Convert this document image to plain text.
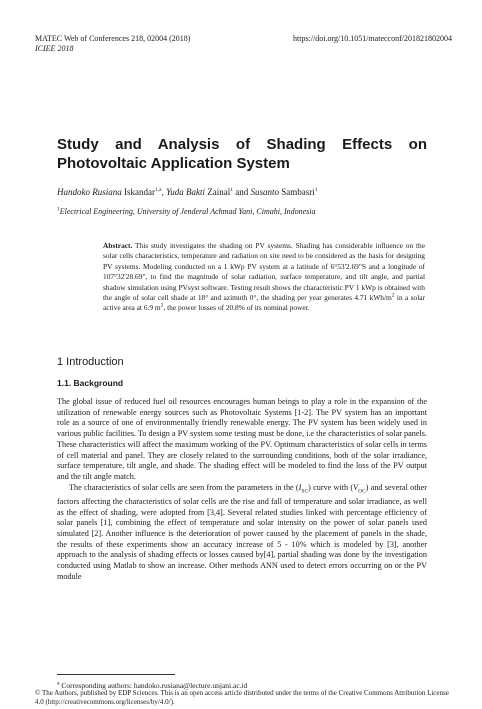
MATEC Web of Conferences 218, 02004 (2018)
ICIEE 2018
https://doi.org/10.1051/matecconf/201821802004
Study and Analysis of Shading Effects on
Photovoltaic Application System
Handoko Rusiana Iskandar$^{1,a}$, Yuda Bakti Zainal$^1$ and Susanto Sambasri$^1$
$^1$Electrical Engineering, University of Jenderal Achmad Yani, Cimahi, Indonesia
Abstract. This study investigates the shading on PV systems. Shading has considerable influence on the solar cells characteristics, temperature and radiation on site need to be considered as the basis for designing PV systems. Modeling conducted on a 1 kWp PV system at a latitude of 6°53'2.69"S and a longitude of 107°32'28.69", to find the magnitude of solar radiation, surface temperature, and tilt angle, and partial shadow simulation using PVsyst software. Testing result shows the characteristic PV 1 kWp is obtained with the angle of solar cell shade at 18° and azimuth 0°, the shading per year generates 4.71 kWh/$m^2$ in a solar active area at 6.9 $m^2$, the power losses of 20.8% of its nominal power.
1 Introduction
1.1. Background

The global issue of reduced fuel oil resources encourages human beings to play a role in the expansion of the utilization of renewable energy sources such as Photovoltaic Systems [1-2]. The PV system has an important role as a source of one of environmentally friendly renewable energy. The PV system has been widely used in various public facilities. To design a PV system some testing must be done, i.e the characteristics of solar panels. These characteristics will affect the maximum working of the PV. Optimum characteristics of solar cells in terms of cell material and panel. They are closely related to the surrounding conditions, both of the solar irradiance, surface temperature, tilt angle, and shade. The shading effect will be modeled to find the loss of the PV output and the tilt angle match.

The characteristics of solar cells are seen from the parameters in the $(I_{SC})$ curve with $(V_{OC})$ and several other factors affecting the characteristics of solar cells are the rise and fall of temperature and solar irradiance, as well as the effect of shading, were adopted from [3,4]. Several related studies linked with percentage efficiency of solar panels [1], combining the effect of temperature and solar intensity on the power of solar panels used simulated [2]. Another influence is the deterioration of power caused by the placement of panels in the shade, the results of these experiments show an accuracy increase of 5 - 10% which is modeled by [3], another approach to the analysis of shading effects or losses caused by[4], partial shading was done by the investigation conducted using Matlab to show an increase. Other methods ANN used to detect errors occurring on or the PV module

$^a$ Corresponding authors: handoko.rusiana@lecture.unjani.ac.id
© The Authors, published by EDP Sciences. This is an open access article distributed under the terms of the Creative Commons Attribution License 4.0 (http://creativecommons.org/licenses/by/4.0/).
